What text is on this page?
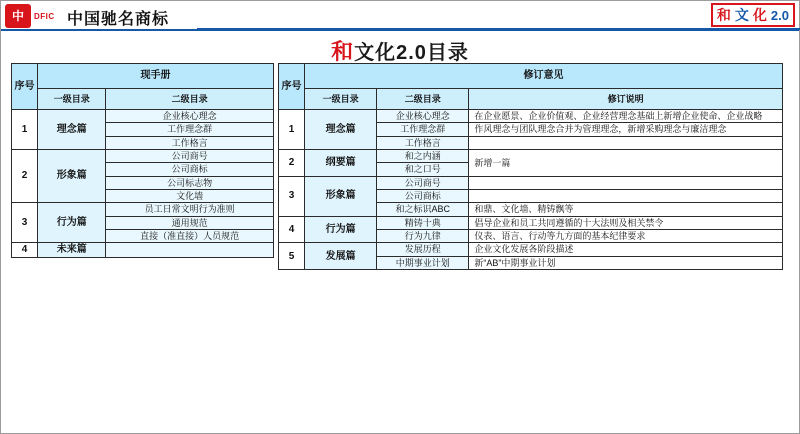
中	DFIC 中国驰名商标	和 文 化 2.0
和文化2.0目录
序号	现手册	
	一级目录	二级目录
1	理念篇	企业核心理念
		工作理念群
		工作格言
2	形象篇	公司商号
		公司商标
		公司标志物
		文化墙
3	行为篇	员工日常文明行为准则
		通用规范
		直接（准直接）人员规范
4	未来篇	
序号	修订意见		
	一级目录	二级目录	修订说明
1	理念篇	企业核心理念	在企业愿景、企业价值观、企业经营理念基础上新增企业使命、企业战略
		工作理念群	作风理念与团队理念合并为管理理念，新增采购理念与廉洁理念
		工作格言	
2	纲要篇	和之内涵	新增一篇
		和之口号	
3	形象篇	公司商号	
		公司商标	
		和之标识ABC	和鼎、文化墙、精铸飘等
4	行为篇	精铸十典	倡导企业和员工共同遵循的十大法则及相关禁令
		行为九律	仪表、语言、行动等九方面的基本纪律要求
5	发展篇	发展历程	企业文化发展各阶段描述
		中期事业计划	新“AB”中期事业计划
